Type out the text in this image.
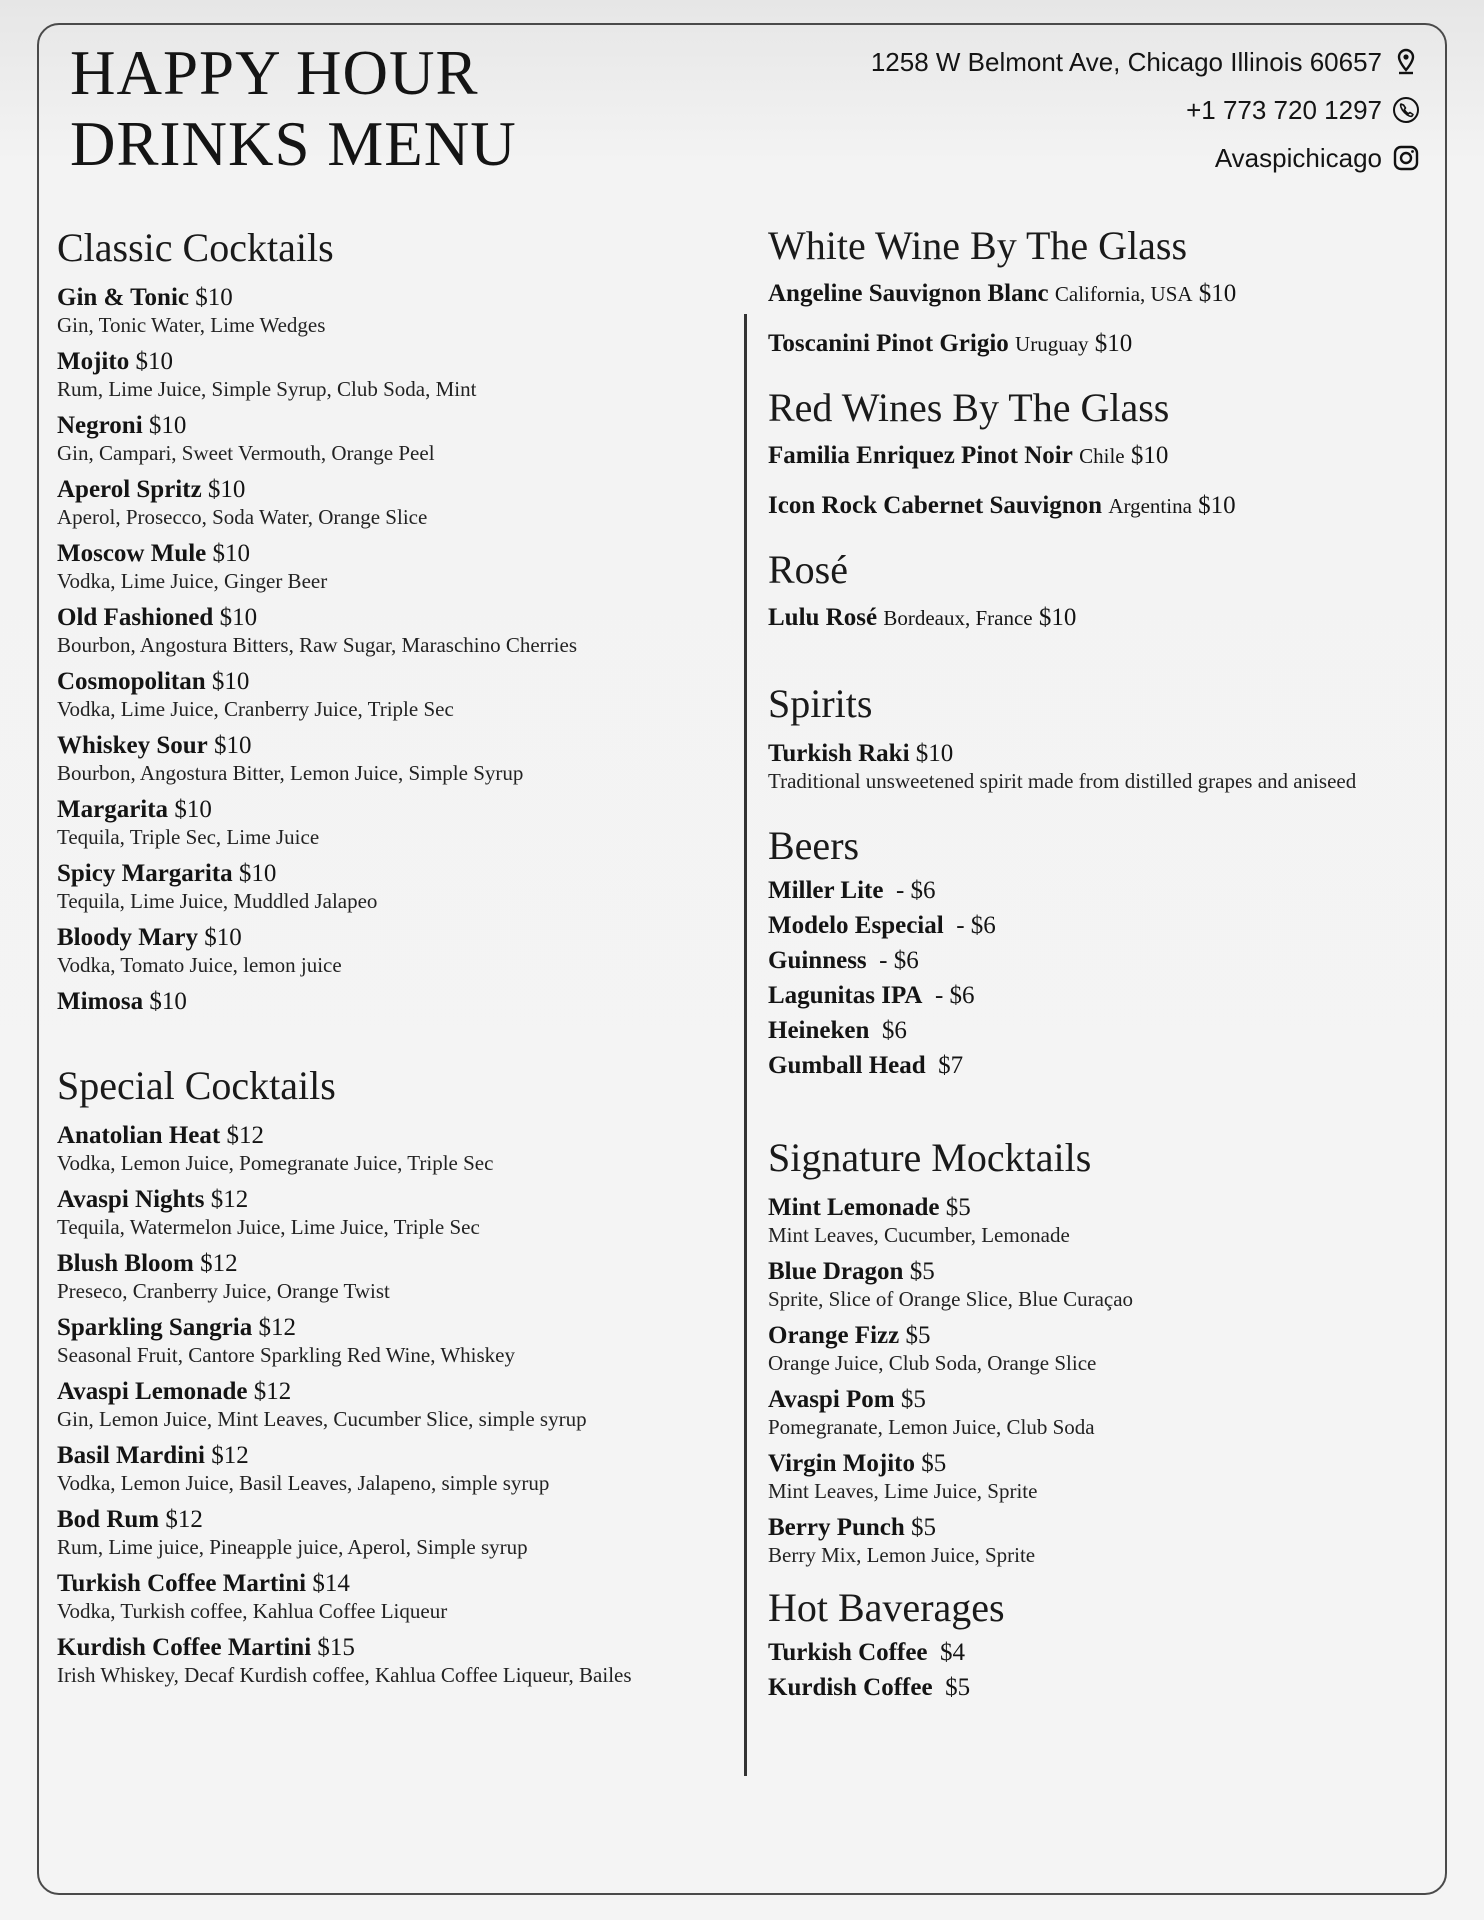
HAPPY HOUR
DRINKS MENU
1258 W Belmont Ave, Chicago Illinois 60657
+1 773 720 1297
Avaspichicago
Classic Cocktails
Gin & Tonic $10
Gin, Tonic Water, Lime Wedges
Mojito $10
Rum, Lime Juice, Simple Syrup, Club Soda, Mint
Negroni $10
Gin, Campari, Sweet Vermouth, Orange Peel
Aperol Spritz $10
Aperol, Prosecco, Soda Water, Orange Slice
Moscow Mule $10
Vodka, Lime Juice, Ginger Beer
Old Fashioned $10
Bourbon, Angostura Bitters, Raw Sugar, Maraschino Cherries
Cosmopolitan $10
Vodka, Lime Juice, Cranberry Juice, Triple Sec
Whiskey Sour $10
Bourbon, Angostura Bitter, Lemon Juice, Simple Syrup
Margarita $10
Tequila, Triple Sec, Lime Juice
Spicy Margarita $10
Tequila, Lime Juice, Muddled Jalapeo
Bloody Mary $10
Vodka, Tomato Juice, lemon juice
Mimosa $10
Special Cocktails
Anatolian Heat $12
Vodka, Lemon Juice, Pomegranate Juice, Triple Sec
Avaspi Nights $12
Tequila, Watermelon Juice, Lime Juice, Triple Sec
Blush Bloom $12
Preseco, Cranberry Juice, Orange Twist
Sparkling Sangria $12
Seasonal Fruit, Cantore Sparkling Red Wine, Whiskey
Avaspi Lemonade $12
Gin, Lemon Juice, Mint Leaves, Cucumber Slice, simple syrup
Basil Mardini $12
Vodka, Lemon Juice, Basil Leaves, Jalapeno, simple syrup
Bod Rum $12
Rum, Lime juice, Pineapple juice, Aperol, Simple syrup
Turkish Coffee Martini $14
Vodka, Turkish coffee, Kahlua Coffee Liqueur
Kurdish Coffee Martini $15
Irish Whiskey, Decaf Kurdish coffee, Kahlua Coffee Liqueur, Bailes
White Wine By The Glass
Angeline Sauvignon Blanc California, USA $10
Toscanini Pinot Grigio Uruguay $10
Red Wines By The Glass
Familia Enriquez Pinot Noir Chile $10
Icon Rock Cabernet Sauvignon Argentina $10
Rosé
Lulu Rosé Bordeaux, France $10
Spirits
Turkish Raki $10
Traditional unsweetened spirit made from distilled grapes and aniseed
Beers
Miller Lite - $6
Modelo Especial - $6
Guinness - $6
Lagunitas IPA - $6
Heineken $6
Gumball Head $7
Signature Mocktails
Mint Lemonade $5
Mint Leaves, Cucumber, Lemonade
Blue Dragon $5
Sprite, Slice of Orange Slice, Blue Curaçao
Orange Fizz $5
Orange Juice, Club Soda, Orange Slice
Avaspi Pom $5
Pomegranate, Lemon Juice, Club Soda
Virgin Mojito $5
Mint Leaves, Lime Juice, Sprite
Berry Punch $5
Berry Mix, Lemon Juice, Sprite
Hot Baverages
Turkish Coffee $4
Kurdish Coffee $5
